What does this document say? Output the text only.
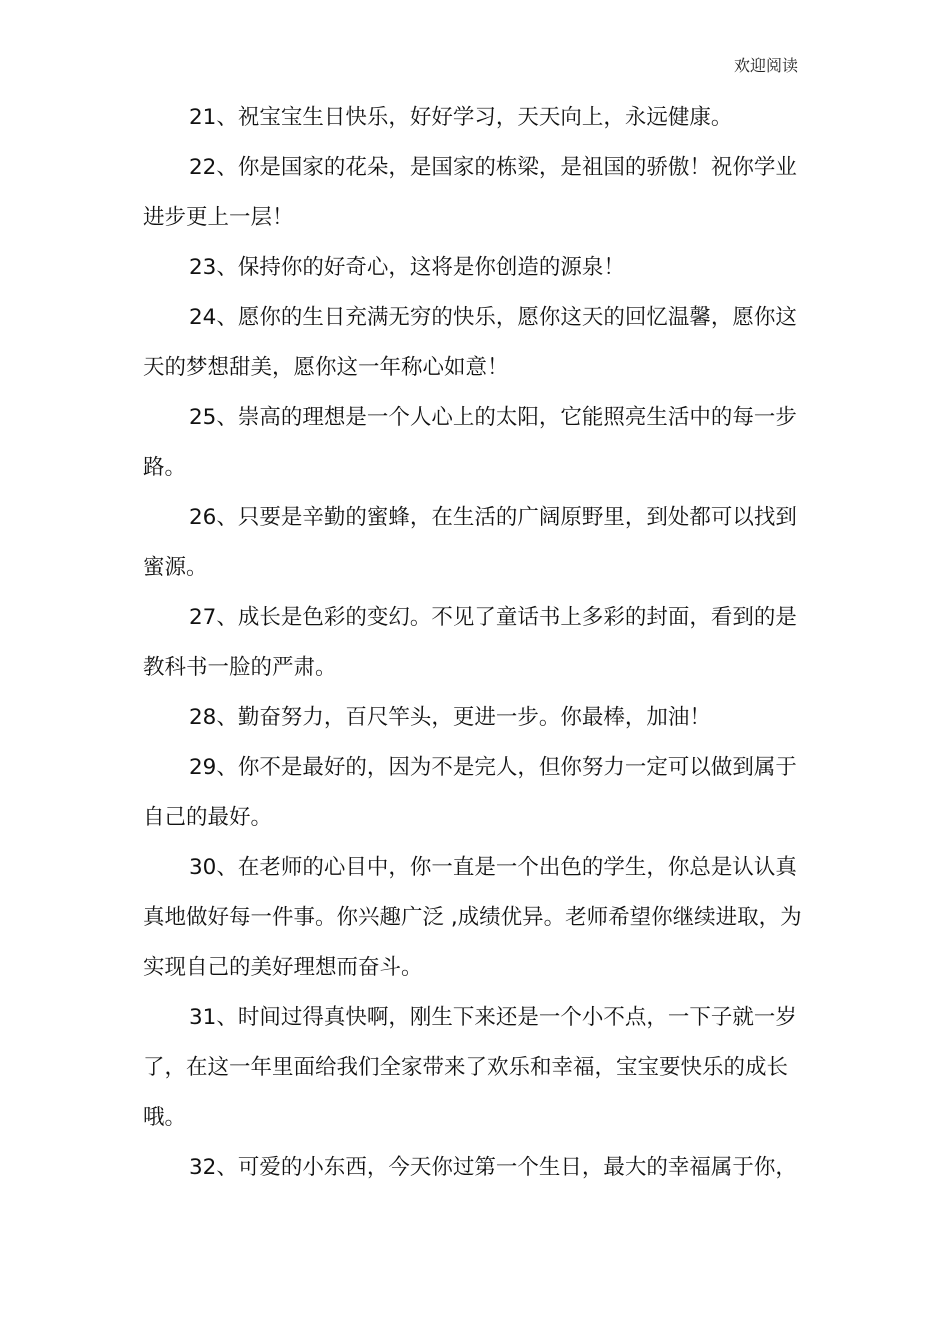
欢迎阅读

21、祝宝宝生日快乐，好好学习，天天向上，永远健康。

22、你是国家的花朵，是国家的栋梁，是祖国的骄傲！祝你学业进步更上一层！

23、保持你的好奇心，这将是你创造的源泉！

24、愿你的生日充满无穷的快乐，愿你这天的回忆温馨，愿你这天的梦想甜美，愿你这一年称心如意！

25、崇高的理想是一个人心上的太阳，它能照亮生活中的每一步路。

26、只要是辛勤的蜜蜂，在生活的广阔原野里，到处都可以找到蜜源。

27、成长是色彩的变幻。不见了童话书上多彩的封面，看到的是教科书一脸的严肃。

28、勤奋努力，百尺竿头，更进一步。你最棒，加油！

29、你不是最好的，因为不是完人，但你努力一定可以做到属于自己的最好。

30、在老师的心目中，你一直是一个出色的学生，你总是认认真真地做好每一件事。你兴趣广泛 ,成绩优异。老师希望你继续进取，为实现自己的美好理想而奋斗。

31、时间过得真快啊，刚生下来还是一个小不点，一下子就一岁了，在这一年里面给我们全家带来了欢乐和幸福，宝宝要快乐的成长哦。

32、可爱的小东西，今天你过第一个生日，最大的幸福属于你，
